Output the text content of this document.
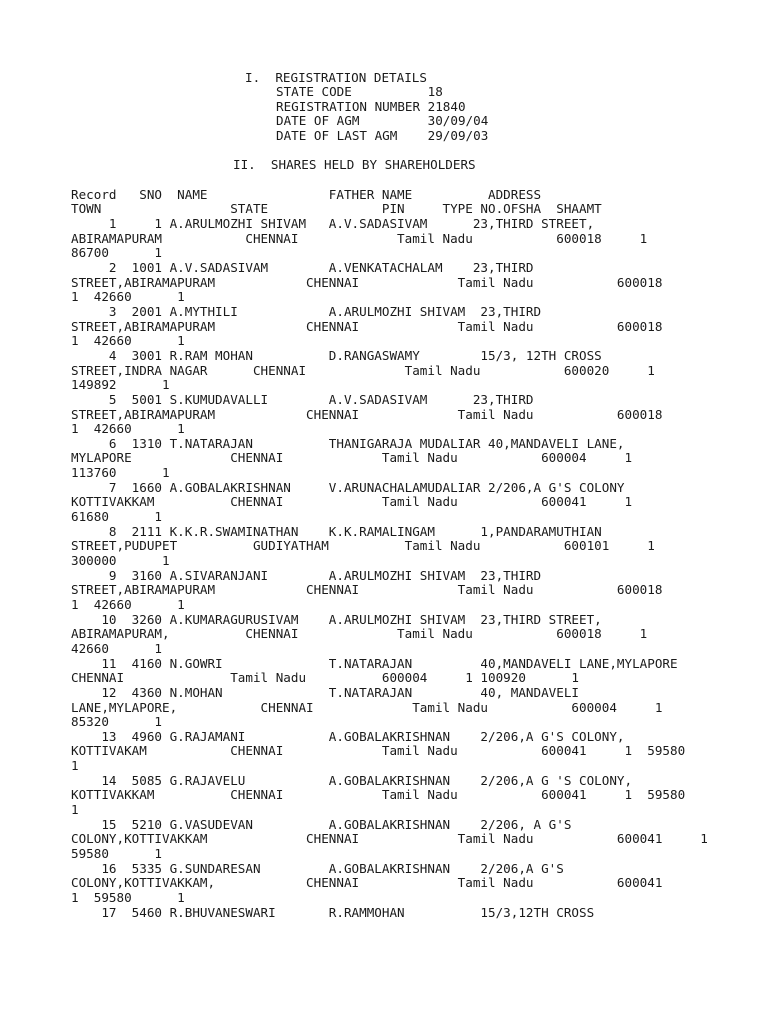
I.  REGISTRATION DETAILS
STATE CODE          18
REGISTRATION NUMBER 21840
DATE OF AGM         30/09/04
DATE OF LAST AGM    29/09/03
II.  SHARES HELD BY SHAREHOLDERS
Record   SNO  NAME                FATHER NAME          ADDRESS
TOWN                 STATE               PIN     TYPE NO.OFSHA  SHAAMT
1     1 A.ARULMOZHI SHIVAM   A.V.SADASIVAM      23,THIRD STREET,
ABIRAMAPURAM           CHENNAI             Tamil Nadu           600018     1
86700      1
2  1001 A.V.SADASIVAM        A.VENKATACHALAM    23,THIRD
STREET,ABIRAMAPURAM            CHENNAI             Tamil Nadu           600018
1  42660      1
3  2001 A.MYTHILI            A.ARULMOZHI SHIVAM  23,THIRD
STREET,ABIRAMAPURAM            CHENNAI             Tamil Nadu           600018
1  42660      1
4  3001 R.RAM MOHAN          D.RANGASWAMY        15/3, 12TH CROSS
STREET,INDRA NAGAR      CHENNAI             Tamil Nadu           600020     1
149892      1
5  5001 S.KUMUDAVALLI        A.V.SADASIVAM      23,THIRD
STREET,ABIRAMAPURAM            CHENNAI             Tamil Nadu           600018
1  42660      1
6  1310 T.NATARAJAN          THANIGARAJA MUDALIAR 40,MANDAVELI LANE,
MYLAPORE             CHENNAI             Tamil Nadu           600004     1
113760      1
7  1660 A.GOBALAKRISHNAN     V.ARUNACHALAMUDALIAR 2/206,A G'S COLONY
KOTTIVAKKAM          CHENNAI             Tamil Nadu           600041     1
61680      1
8  2111 K.K.R.SWAMINATHAN    K.K.RAMALINGAM      1,PANDARAMUTHIAN
STREET,PUDUPET          GUDIYATHAM          Tamil Nadu           600101     1
300000      1
9  3160 A.SIVARANJANI        A.ARULMOZHI SHIVAM  23,THIRD
STREET,ABIRAMAPURAM            CHENNAI             Tamil Nadu           600018
1  42660      1
10  3260 A.KUMARAGURUSIVAM    A.ARULMOZHI SHIVAM  23,THIRD STREET,
ABIRAMAPURAM,          CHENNAI             Tamil Nadu           600018     1
42660      1
11  4160 N.GOWRI              T.NATARAJAN         40,MANDAVELI LANE,MYLAPORE
CHENNAI              Tamil Nadu          600004     1 100920      1
12  4360 N.MOHAN              T.NATARAJAN         40, MANDAVELI
LANE,MYLAPORE,           CHENNAI             Tamil Nadu           600004     1
85320      1
13  4960 G.RAJAMANI           A.GOBALAKRISHNAN    2/206,A G'S COLONY,
KOTTIVAKAM           CHENNAI             Tamil Nadu           600041     1  59580
1
14  5085 G.RAJAVELU           A.GOBALAKRISHNAN    2/206,A G 'S COLONY,
KOTTIVAKKAM          CHENNAI             Tamil Nadu           600041     1  59580
1
15  5210 G.VASUDEVAN          A.GOBALAKRISHNAN    2/206, A G'S
COLONY,KOTTIVAKKAM             CHENNAI             Tamil Nadu           600041     1
59580      1
16  5335 G.SUNDARESAN         A.GOBALAKRISHNAN    2/206,A G'S
COLONY,KOTTIVAKKAM,            CHENNAI             Tamil Nadu           600041
1  59580      1
17  5460 R.BHUVANESWARI       R.RAMMOHAN          15/3,12TH CROSS
